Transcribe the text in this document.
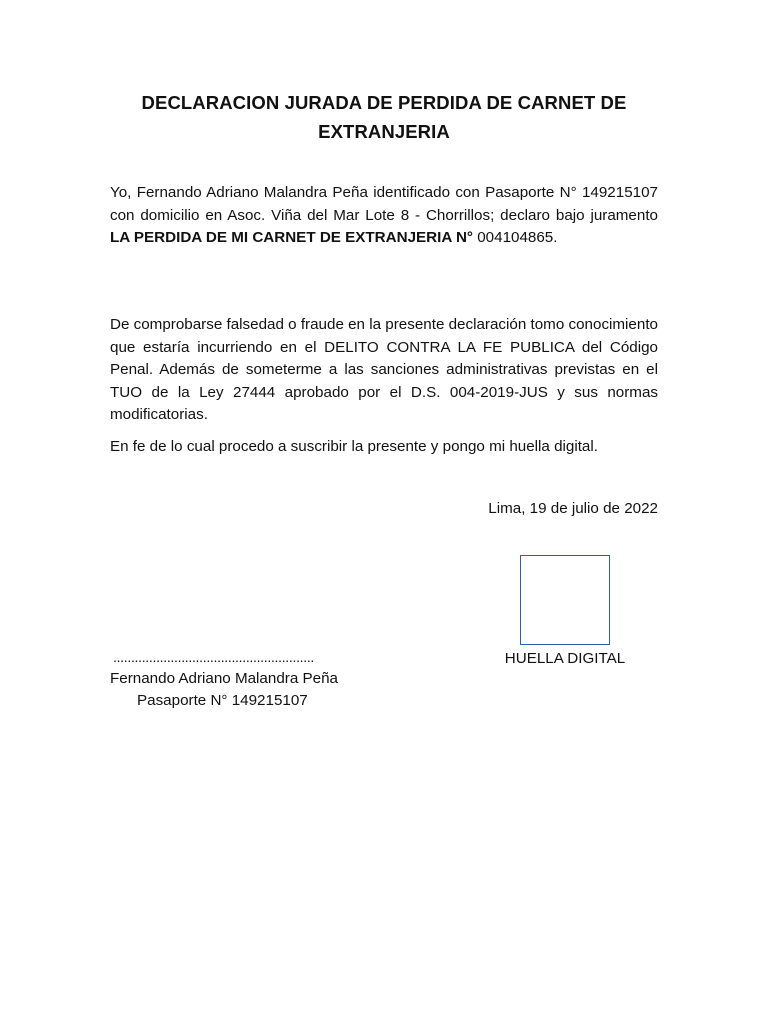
DECLARACION JURADA DE PERDIDA DE CARNET DE
EXTRANJERIA

Yo, Fernando Adriano Malandra Peña identificado con Pasaporte N° 149215107 con domicilio en Asoc. Viña del Mar Lote 8 - Chorrillos; declaro bajo juramento LA PERDIDA DE MI CARNET DE EXTRANJERIA N° 004104865.

De comprobarse falsedad o fraude en la presente declaración tomo conocimiento que estaría incurriendo en el DELITO CONTRA LA FE PUBLICA del Código Penal. Además de someterme a las sanciones administrativas previstas en el TUO de la Ley 27444 aprobado por el D.S. 004-2019-JUS y sus normas modificatorias.

En fe de lo cual procedo a suscribir la presente y pongo mi huella digital.

Lima, 19 de julio de 2022
HUELLA DIGITAL
........................................................
Fernando Adriano Malandra Peña
Pasaporte N° 149215107
